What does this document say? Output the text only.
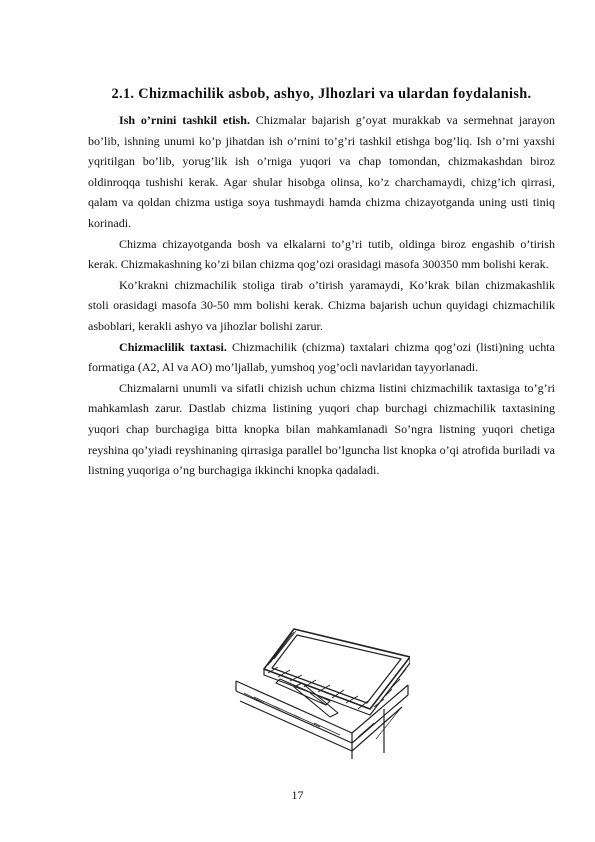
2.1. Chizmachilik asbob, ashyo, Jlhozlari va ulardan foydalanish.

Ish o’rnini tashkil etish. Chizmalar bajarish g’oyat murakkab va sermehnat jarayon bo’lib, ishning unumi ko’p jihatdan ish o’rnini to’g’ri tashkil etishga bog’liq. Ish o’rni yaxshi yqritilgan bo’lib, yorug’lik ish o’rniga yuqori va chap tomondan, chizmakashdan biroz oldinroqqa tushishi kerak. Agar shular hisobga olinsa, ko’z charchamaydi, chizg’ich qirrasi, qalam va qoldan chizma ustiga soya tushmaydi hamda chizma chizayotganda uning usti tiniq korinadi.

Chizma chizayotganda bosh va elkalarni to’g’ri tutib, oldinga biroz engashib o’tirish kerak. Chizmakashning ko’zi bilan chizma qog’ozi orasidagi masofa 300350 mm bolishi kerak.

Ko’krakni chizmachilik stoliga tirab o’tirish yaramaydi, Ko’krak bilan chizmakashlik stoli orasidagi masofa 30-50 mm bolishi kerak. Chizma bajarish uchun quyidagi chizmachilik asboblari, kerakli ashyo va jihozlar bolishi zarur.

Chizmaclilik taxtasi. Chizmachilik (chizma) taxtalari chizma qog’ozi (listi)ning uchta formatiga (A2, Al va AO) mo’ljallab, yumshoq yog’ocli navlaridan tayyorlanadi.

Chizmalarni unumli va sifatli chizish uchun chizma listini chizmachilik taxtasiga to’g’ri mahkamlash zarur. Dastlab chizma listining yuqori chap burchagi chizmachilik taxtasining yuqori chap burchagiga bitta knopka bilan mahkamlanadi So’ngra listning yuqori chetiga reyshina qo’yiadi reyshinaning qirrasiga parallel bo’lguncha list knopka o’qi atrofida buriladi va listning yuqoriga o’ng burchagiga ikkinchi knopka qadaladi.

17
